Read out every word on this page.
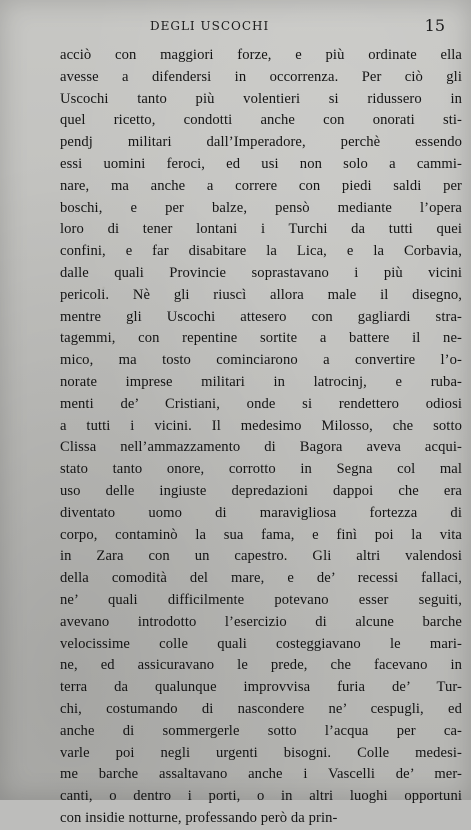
DEGLI USCOCHI	15
acciò con maggiori forze, e più ordinate ella
avesse a difendersi in occorrenza. Per ciò gli
Uscochi tanto più volentieri si ridussero in
quel ricetto, condotti anche con onorati sti-
pendj militari dall’Imperadore, perchè essendo
essi uomini feroci, ed usi non solo a cammi-
nare, ma anche a correre con piedi saldi per
boschi, e per balze, pensò mediante l’opera
loro di tener lontani i Turchi da tutti quei
confini, e far disabitare la Lica, e la Corbavia,
dalle quali Provincie soprastavano i più vicini
pericoli. Nè gli riuscì allora male il disegno,
mentre gli Uscochi attesero con gagliardi stra-
tagemmi, con repentine sortite a battere il ne-
mico, ma tosto cominciarono a convertire l’o-
norate imprese militari in latrocinj, e ruba-
menti de’ Cristiani, onde si rendettero odiosi
a tutti i vicini. Il medesimo Milosso, che sotto
Clissa nell’ammazzamento di Bagora aveva acqui-
stato tanto onore, corrotto in Segna col mal
uso delle ingiuste depredazioni dappoi che era
diventato uomo di maravigliosa fortezza di
corpo, contaminò la sua fama, e finì poi la vita
in Zara con un capestro. Gli altri valendosi
della comodità del mare, e de’ recessi fallaci,
ne’ quali difficilmente potevano esser seguiti,
avevano introdotto l’esercizio di alcune barche
velocissime colle quali costeggiavano le mari-
ne, ed assicuravano le prede, che facevano in
terra da qualunque improvvisa furia de’ Tur-
chi, costumando di nascondere ne’ cespugli, ed
anche di sommergerle sotto l’acqua per ca-
varle poi negli urgenti bisogni. Colle medesi-
me barche assaltavano anche i Vascelli de’ mer-
canti, o dentro i porti, o in altri luoghi opportuni
con insidie notturne, professando però da prin-
